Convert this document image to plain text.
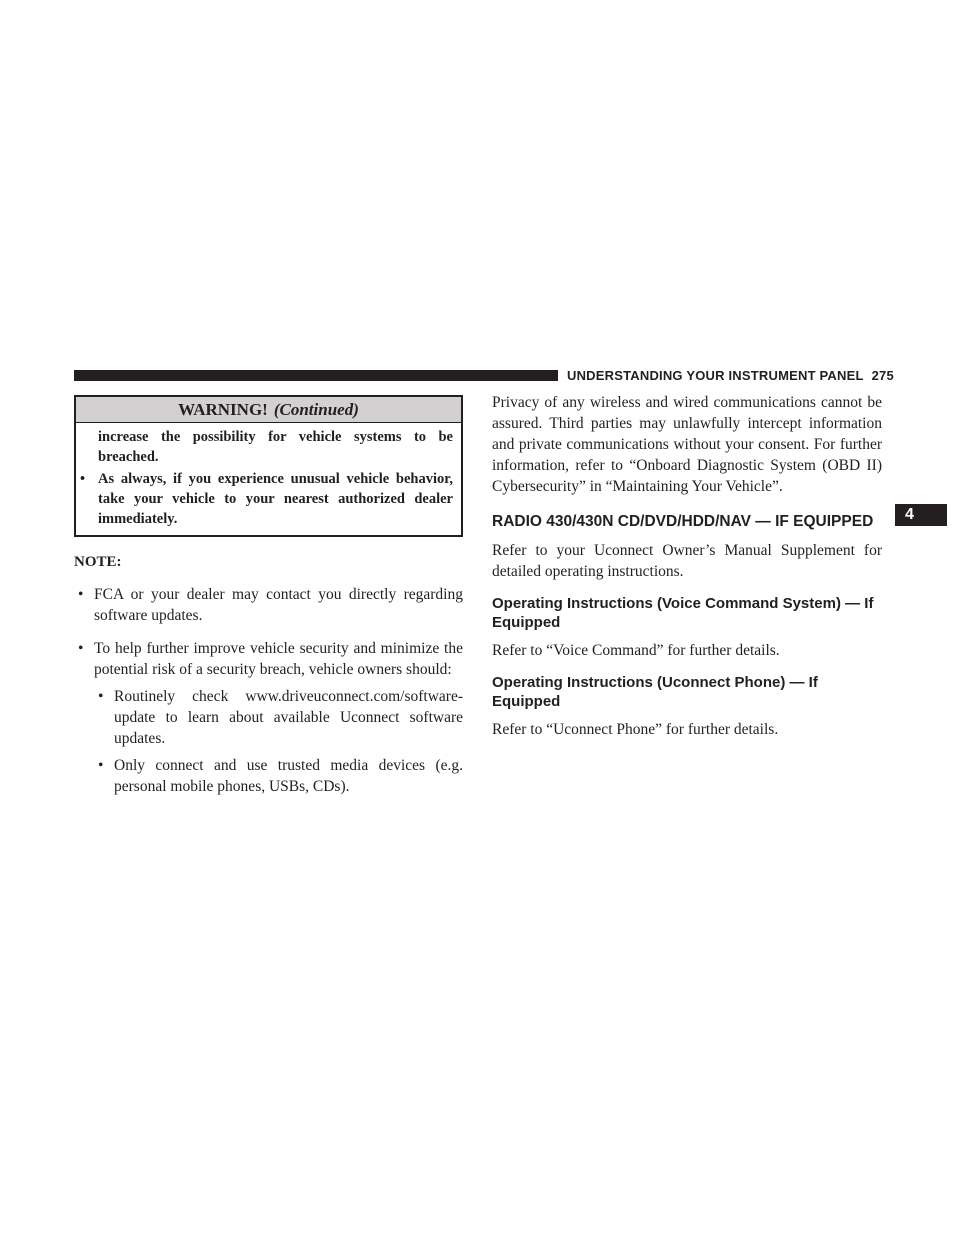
UNDERSTANDING YOUR INSTRUMENT PANEL 275
4
WARNING! (Continued)
increase the possibility for vehicle systems to be breached.
• As always, if you experience unusual vehicle behavior, take your vehicle to your nearest authorized dealer immediately.
NOTE:
• FCA or your dealer may contact you directly regarding software updates.
• To help further improve vehicle security and minimize the potential risk of a security breach, vehicle owners should:
• Routinely check www.driveuconnect.com/software-update to learn about available Uconnect software updates.
• Only connect and use trusted media devices (e.g. personal mobile phones, USBs, CDs).

Privacy of any wireless and wired communications cannot be assured. Third parties may unlawfully intercept information and private communications without your consent. For further information, refer to “Onboard Diagnostic System (OBD II) Cybersecurity” in “Maintaining Your Vehicle”.

RADIO 430/430N CD/DVD/HDD/NAV — IF EQUIPPED

Refer to your Uconnect Owner’s Manual Supplement for detailed operating instructions.

Operating Instructions (Voice Command System) — If Equipped

Refer to “Voice Command” for further details.

Operating Instructions (Uconnect Phone) — If Equipped

Refer to “Uconnect Phone” for further details.
